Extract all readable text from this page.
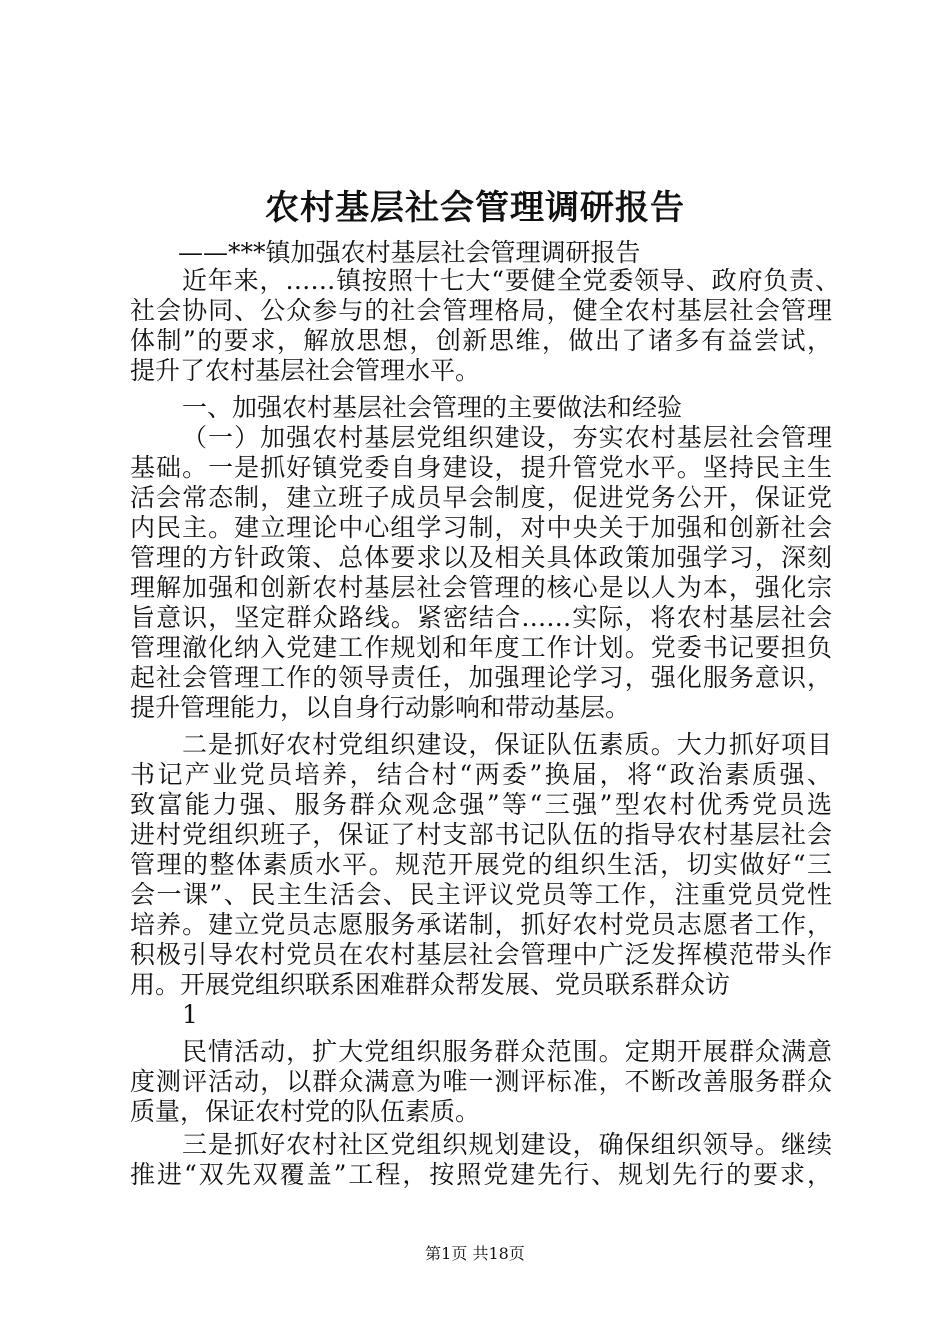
农村基层社会管理调研报告
——***镇加强农村基层社会管理调研报告
近年来，……镇按照十七大“要健全党委领导、政府负责、
社会协同、公众参与的社会管理格局，健全农村基层社会管理
体制”的要求，解放思想，创新思维，做出了诸多有益尝试，
提升了农村基层社会管理水平。
一、加强农村基层社会管理的主要做法和经验
（一）加强农村基层党组织建设，夯实农村基层社会管理
基础。一是抓好镇党委自身建设，提升管党水平。坚持民主生
活会常态制，建立班子成员早会制度，促进党务公开，保证党
内民主。建立理论中心组学习制，对中央关于加强和创新社会
管理的方针政策、总体要求以及相关具体政策加强学习，深刻
理解加强和创新农村基层社会管理的核心是以人为本，强化宗
旨意识，坚定群众路线。紧密结合……实际，将农村基层社会
管理澈化纳入党建工作规划和年度工作计划。党委书记要担负
起社会管理工作的领导责任，加强理论学习，强化服务意识，
提升管理能力，以自身行动影响和带动基层。
二是抓好农村党组织建设，保证队伍素质。大力抓好项目
书记产业党员培养，结合村“两委”换届，将“政治素质强、
致富能力强、服务群众观念强”等“三强”型农村优秀党员选
进村党组织班子，保证了村支部书记队伍的指导农村基层社会
管理的整体素质水平。规范开展党的组织生活，切实做好“三
会一课”、民主生活会、民主评议党员等工作，注重党员党性
培养。建立党员志愿服务承诺制，抓好农村党员志愿者工作，
积极引导农村党员在农村基层社会管理中广泛发挥模范带头作
用。开展党组织联系困难群众帮发展、党员联系群众访
1
民情活动，扩大党组织服务群众范围。定期开展群众满意
度测评活动，以群众满意为唯一测评标准，不断改善服务群众
质量，保证农村党的队伍素质。
三是抓好农村社区党组织规划建设，确保组织领导。继续
推进“双先双覆盖”工程，按照党建先行、规划先行的要求，
第1页 共18页
